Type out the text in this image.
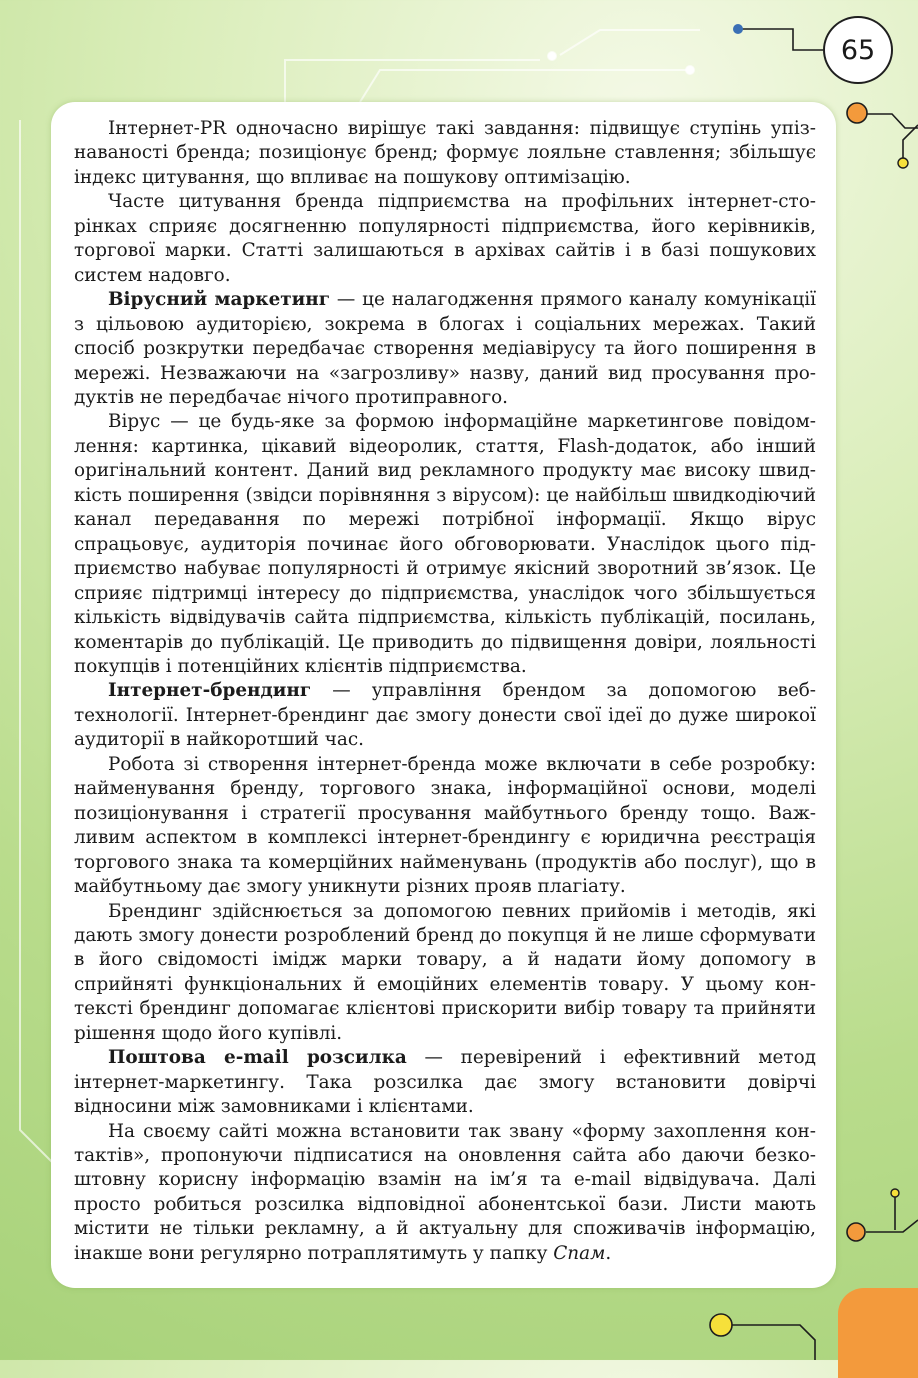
65

Інтернет-PR одночасно вирішує такі завдання: підвищує ступінь упізнаваності бренда; позиціонує бренд; формує лояльне ставлення; збільшує індекс цитування, що впливає на пошукову оптимізацію.

Часте цитування бренда підприємства на профільних інтернет-сторінках сприяє досягненню популярності підприємства, його керівників, торгової марки. Статті залишаються в архівах сайтів і в базі пошукових систем надовго.

Вірусний маркетинг — це налагодження прямого каналу комунікації з цільовою аудиторією, зокрема в блогах і соціальних мережах. Такий спосіб розкрутки передбачає створення медіавірусу та його поширення в мережі. Незважаючи на «загрозливу» назву, даний вид просування продуктів не передбачає нічого протиправного.

Вірус — це будь-яке за формою інформаційне маркетингове повідомлення: картинка, цікавий відеоролик, стаття, Flash-додаток, або інший оригінальний контент. Даний вид рекламного продукту має високу швидкість поширення (звідси порівняння з вірусом): це найбільш швидкодіючий канал передавання по мережі потрібної інформації. Якщо вірус спрацьовує, аудиторія починає його обговорювати. Унаслідок цього підприємство набуває популярності й отримує якісний зворотний зв’язок. Це сприяє підтримці інтересу до підприємства, унаслідок чого збільшується кількість відвідувачів сайта підприємства, кількість публікацій, посилань, коментарів до публікацій. Це приводить до підвищення довіри, лояльності покупців і потенційних клієнтів підприємства.

Інтернет-брендинг — управління брендом за допомогою веб-технології. Інтернет-брендинг дає змогу донести свої ідеї до дуже широкої аудиторії в найкоротший час.

Робота зі створення інтернет-бренда може включати в себе розробку: найменування бренду, торгового знака, інформаційної основи, моделі позиціонування і стратегії просування майбутнього бренду тощо. Важливим аспектом в комплексі інтернет-брендингу є юридична реєстрація торгового знака та комерційних найменувань (продуктів або послуг), що в майбутньому дає змогу уникнути різних пpояв плагіату.

Брендинг здійснюється за допомогою певних прийомів і методів, які дають змогу донести розроблений бренд до покупця й не лише сформувати в його свідомості імідж марки товару, а й надати йому допомогу в сприйняті функціональних й емоційних елементів товару. У цьому контексті брендинг допомагає клієнтові прискорити вибір товару та прийняти рішення щодо його купівлі.

Поштова e-mail розсилка — перевірений і ефективний метод інтернет-маркетингу. Така розсилка дає змогу встановити довірчі відносини між замовниками і клієнтами.

На своєму сайті можна встановити так звану «форму захоплення контактів», пропонуючи підписатися на оновлення сайта або даючи безкоштовну корисну інформацію взамін на ім’я та e-mail відвідувача. Далі просто робиться розсилка відповідної абонентської бази. Листи мають містити не тільки рекламну, а й актуальну для споживачів інформацію, інакше вони регулярно потраплятимуть у папку Спам.
